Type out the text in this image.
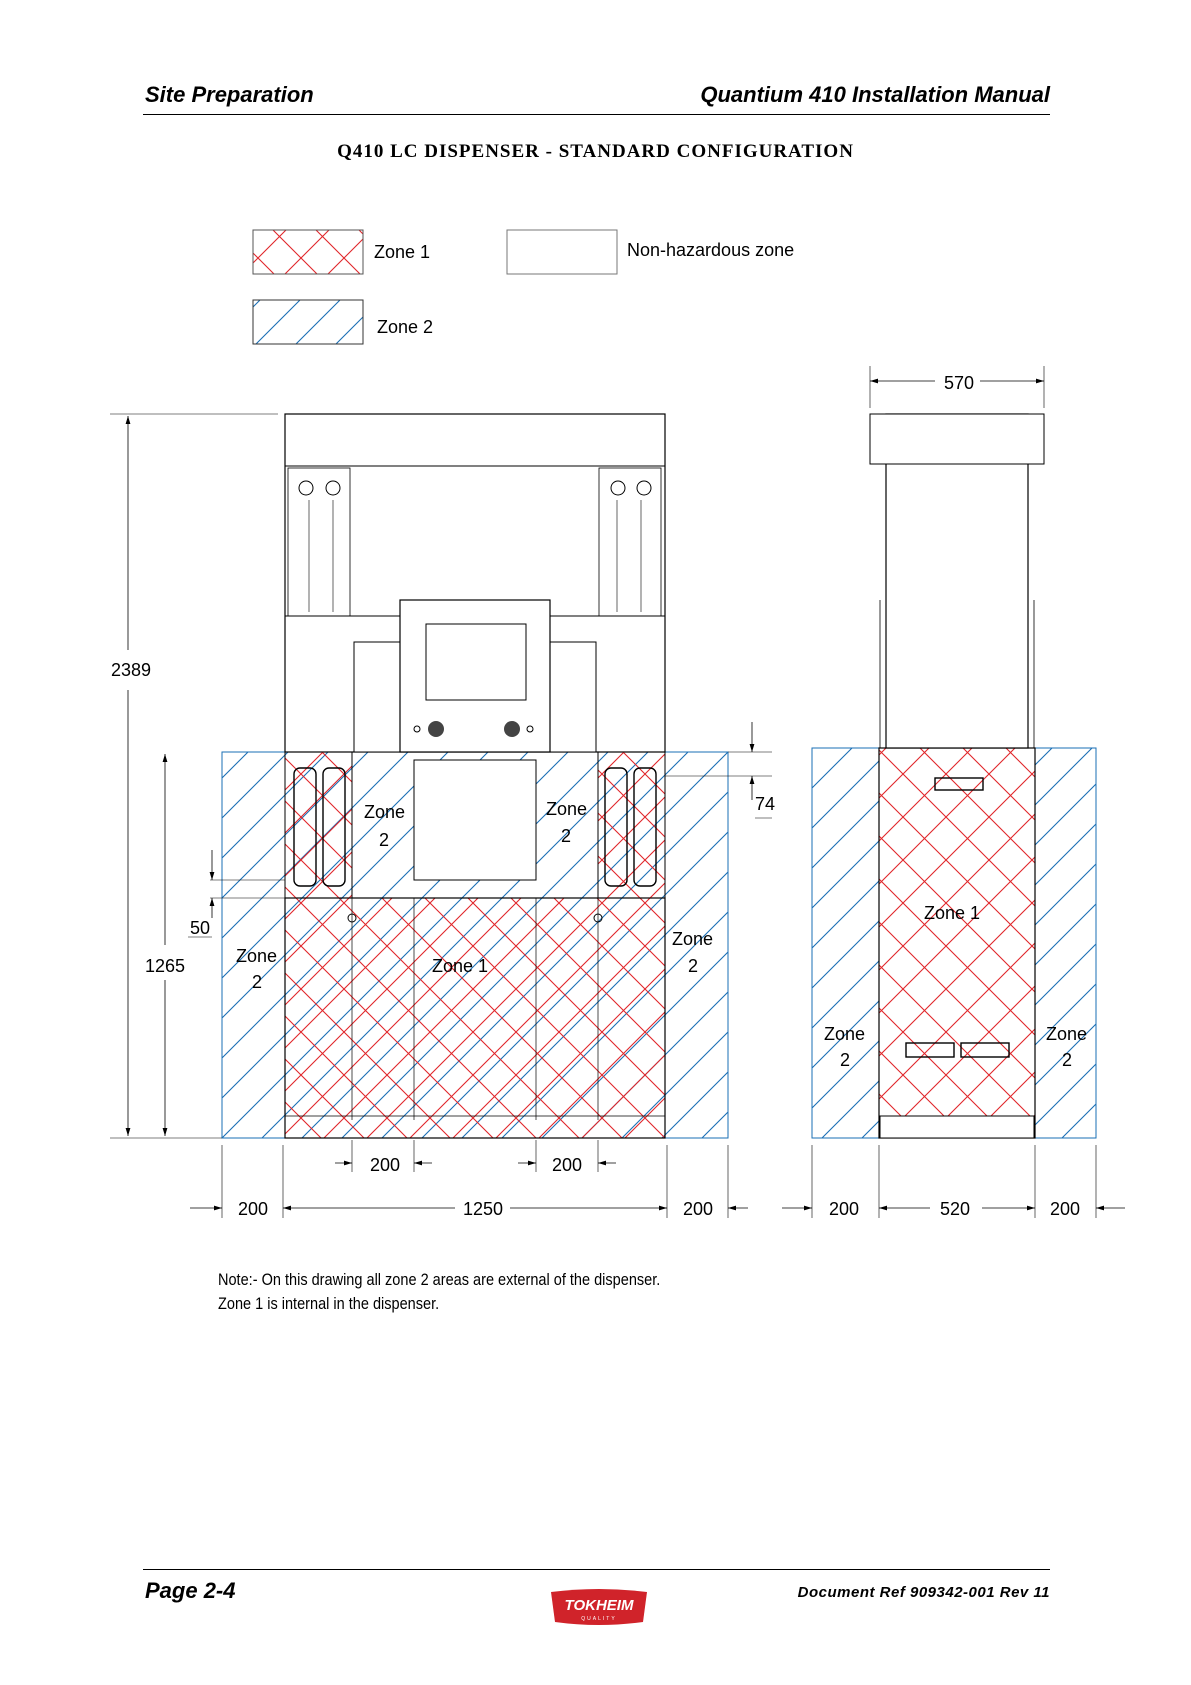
Site Preparation	Quantium 410 Installation Manual
Q410 LC DISPENSER - STANDARD CONFIGURATION
Zone 1	Non-hazardous zone
Zone 2
Zone
2
Zone
2
Zone
2
Zone
2
Zone 1
2389
1265
50
74
200	200
200	1250	200
Zone 1
Zone
2
Zone
2
570
200	520	200
Note:- On this drawing all zone 2 areas are external of the dispenser.
Zone 1 is internal in the dispenser.
Page 2-4	Document Ref 909342-001 Rev 11
TOKHEIM
QUALITY
